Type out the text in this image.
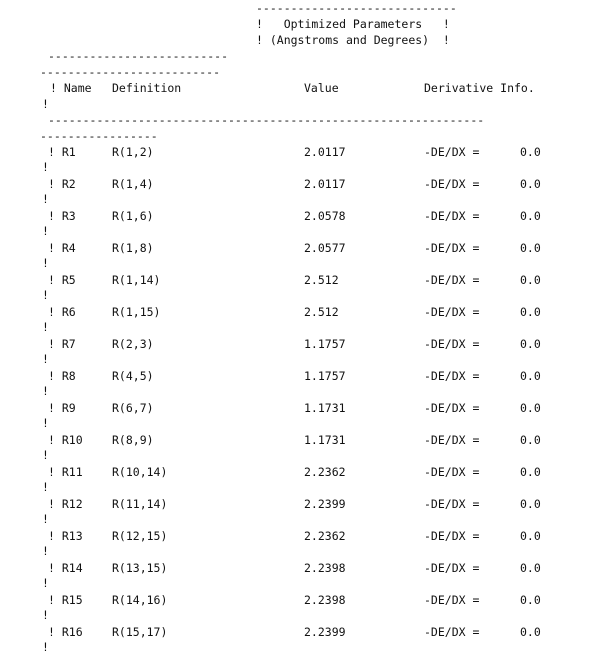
-----------------------------
!   Optimized Parameters   !
! (Angstroms and Degrees)  !
--------------------------
--------------------------
! Name Definition	Value	Derivative Info.
!
---------------------------------------------------------------
-----------------
! R1	R(1,2)	2.0117	-DE/DX =	0.0
!
! R2	R(1,4)	2.0117	-DE/DX =	0.0
!
! R3	R(1,6)	2.0578	-DE/DX =	0.0
!
! R4	R(1,8)	2.0577	-DE/DX =	0.0
!
! R5	R(1,14)	2.512	-DE/DX =	0.0
!
! R6	R(1,15)	2.512	-DE/DX =	0.0
!
! R7	R(2,3)	1.1757	-DE/DX =	0.0
!
! R8	R(4,5)	1.1757	-DE/DX =	0.0
!
! R9	R(6,7)	1.1731	-DE/DX =	0.0
!
! R10	R(8,9)	1.1731	-DE/DX =	0.0
!
! R11	R(10,14)	2.2362	-DE/DX =	0.0
!
! R12	R(11,14)	2.2399	-DE/DX =	0.0
!
! R13	R(12,15)	2.2362	-DE/DX =	0.0
!
! R14	R(13,15)	2.2398	-DE/DX =	0.0
!
! R15	R(14,16)	2.2398	-DE/DX =	0.0
!
! R16	R(15,17)	2.2399	-DE/DX =	0.0
!
